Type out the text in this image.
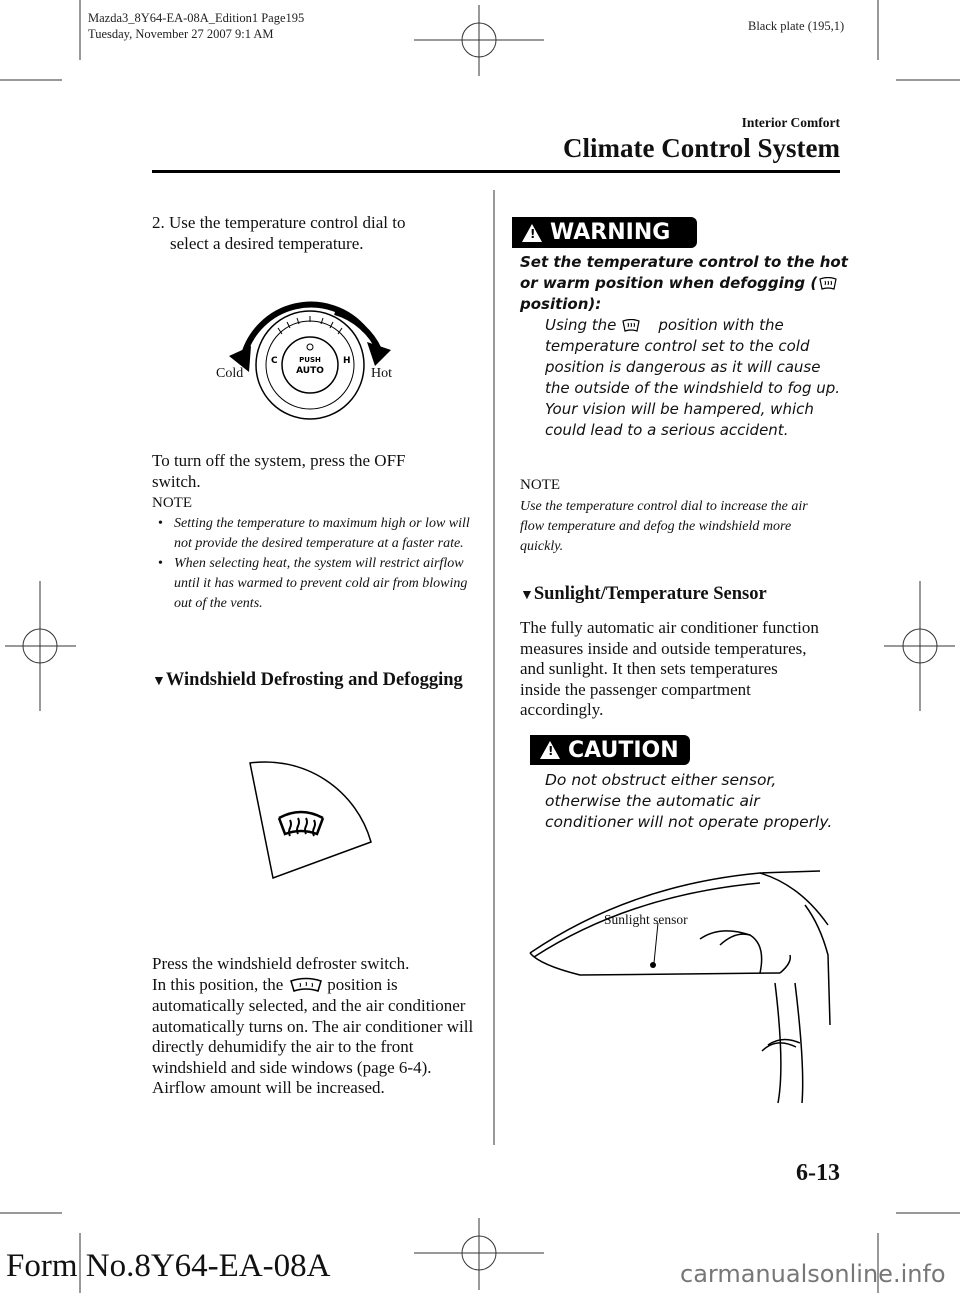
Mazda3_8Y64-EA-08A_Edition1 Page195
Tuesday, November 27 2007 9:1 AM
Black plate (195,1)
Interior Comfort
Climate Control System
2. Use the temperature control dial to
select a desired temperature.
PUSH
AUTO
C	H
Cold	Hot
To turn off the system, press the OFF switch.
NOTE
• Setting the temperature to maximum high or low will not provide the desired temperature at a faster rate.
• When selecting heat, the system will restrict airflow until it has warmed to prevent cold air from blowing out of the vents.
▼Windshield Defrosting and Defogging
Press the windshield defroster switch.
In this position, the	position is
automatically selected, and the air conditioner automatically turns on. The air conditioner will directly dehumidify the air to the front windshield and side windows (page 6-4). Airflow amount will be increased.
! WARNING
Set the temperature control to the hot
or warm position when defogging (
position):
Using the	position with the
temperature control set to the cold position is dangerous as it will cause the outside of the windshield to fog up. Your vision will be hampered, which could lead to a serious accident.
NOTE
Use the temperature control dial to increase the air flow temperature and defog the windshield more quickly.
▼Sunlight/Temperature Sensor
The fully automatic air conditioner function measures inside and outside temperatures, and sunlight. It then sets temperatures inside the passenger compartment accordingly.
! CAUTION
Do not obstruct either sensor, otherwise the automatic air conditioner will not operate properly.
Sunlight sensor
6-13
Form No.8Y64-EA-08A	carmanualsonline.info
